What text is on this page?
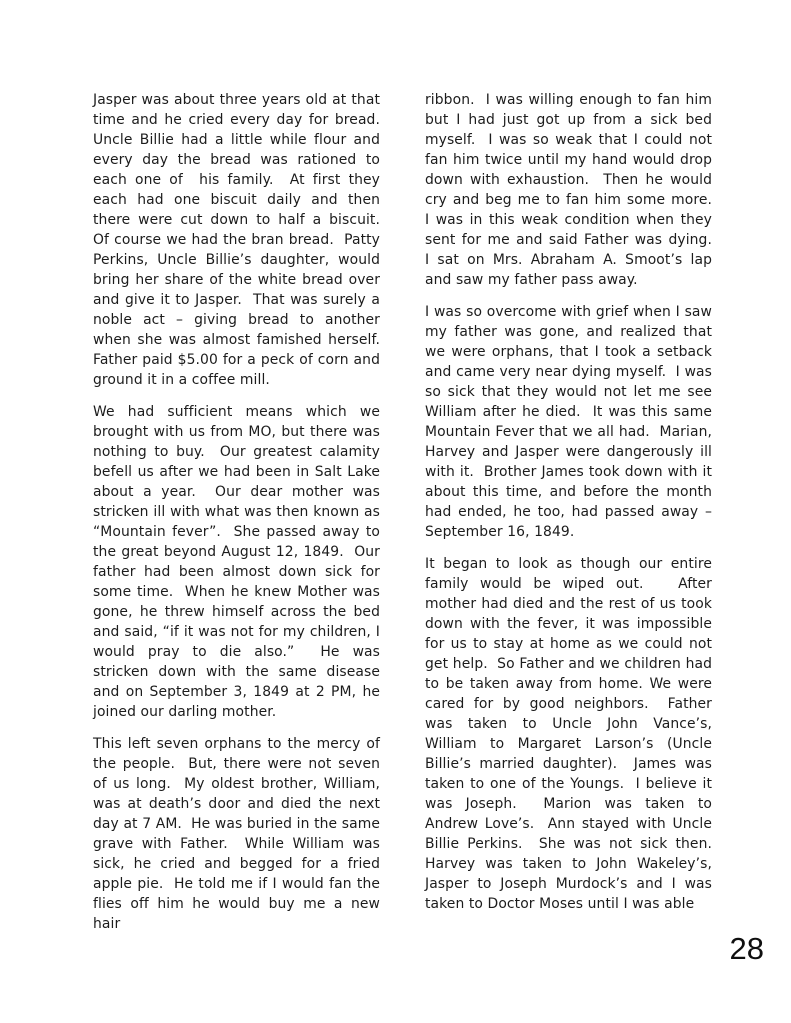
Jasper was about three years old at that time and he cried every day for bread.  Uncle Billie had a little while flour and every day the bread was rationed to each one of  his family.  At first they each had one biscuit daily and then there were cut down to half a biscuit.  Of course we had the bran bread.  Patty Perkins, Uncle Billie’s daughter, would bring her share of the white bread over and give it to Jasper.  That was surely a noble act – giving bread to another when she was almost famished herself.  Father paid $5.00 for a peck of corn and ground it in a coffee mill.

We had sufficient means which we brought with us from MO, but there was nothing to buy.  Our greatest calamity befell us after we had been in Salt Lake about a year.  Our dear mother was stricken ill with what was then known as “Mountain fever”.  She passed away to the great beyond August 12, 1849.  Our father had been almost down sick for some time.  When he knew Mother was gone, he threw himself across the bed and said, “if it was not for my children, I would pray to die also.”  He was stricken down with the same disease and on September 3, 1849 at 2 PM, he joined our darling mother.

This left seven orphans to the mercy of the people.  But, there were not seven of us long.  My oldest brother, William, was at death’s door and died the next day at 7 AM.  He was buried in the same grave with Father.  While William was sick, he cried and begged for a fried apple pie.  He told me if I would fan the flies off him he would buy me a new hair

ribbon.  I was willing enough to fan him but I had just got up from a sick bed myself.  I was so weak that I could not fan him twice until my hand would drop down with exhaustion.  Then he would cry and beg me to fan him some more.  I was in this weak condition when they sent for me and said Father was dying.  I sat on Mrs. Abraham A. Smoot’s lap and saw my father pass away.

I was so overcome with grief when I saw my father was gone, and realized that we were orphans, that I took a setback and came very near dying myself.  I was so sick that they would not let me see William after he died.  It was this same Mountain Fever that we all had.  Marian, Harvey and Jasper were dangerously ill with it.  Brother James took down with it about this time, and before the month had ended, he too, had passed away – September 16, 1849.

It began to look as though our entire family would be wiped out.   After mother had died and the rest of us took down with the fever, it was impossible for us to stay at home as we could not get help.  So Father and we children had to be taken away from home. We were cared for by good neighbors.  Father was taken to Uncle John Vance’s, William to Margaret Larson’s (Uncle Billie’s married daughter).  James was taken to one of the Youngs.  I believe it was Joseph.  Marion was taken to Andrew Love’s.  Ann stayed with Uncle Billie Perkins.  She was not sick then.  Harvey was taken to John Wakeley’s, Jasper to Joseph Murdock’s and I was taken to Doctor Moses until I was able

28
